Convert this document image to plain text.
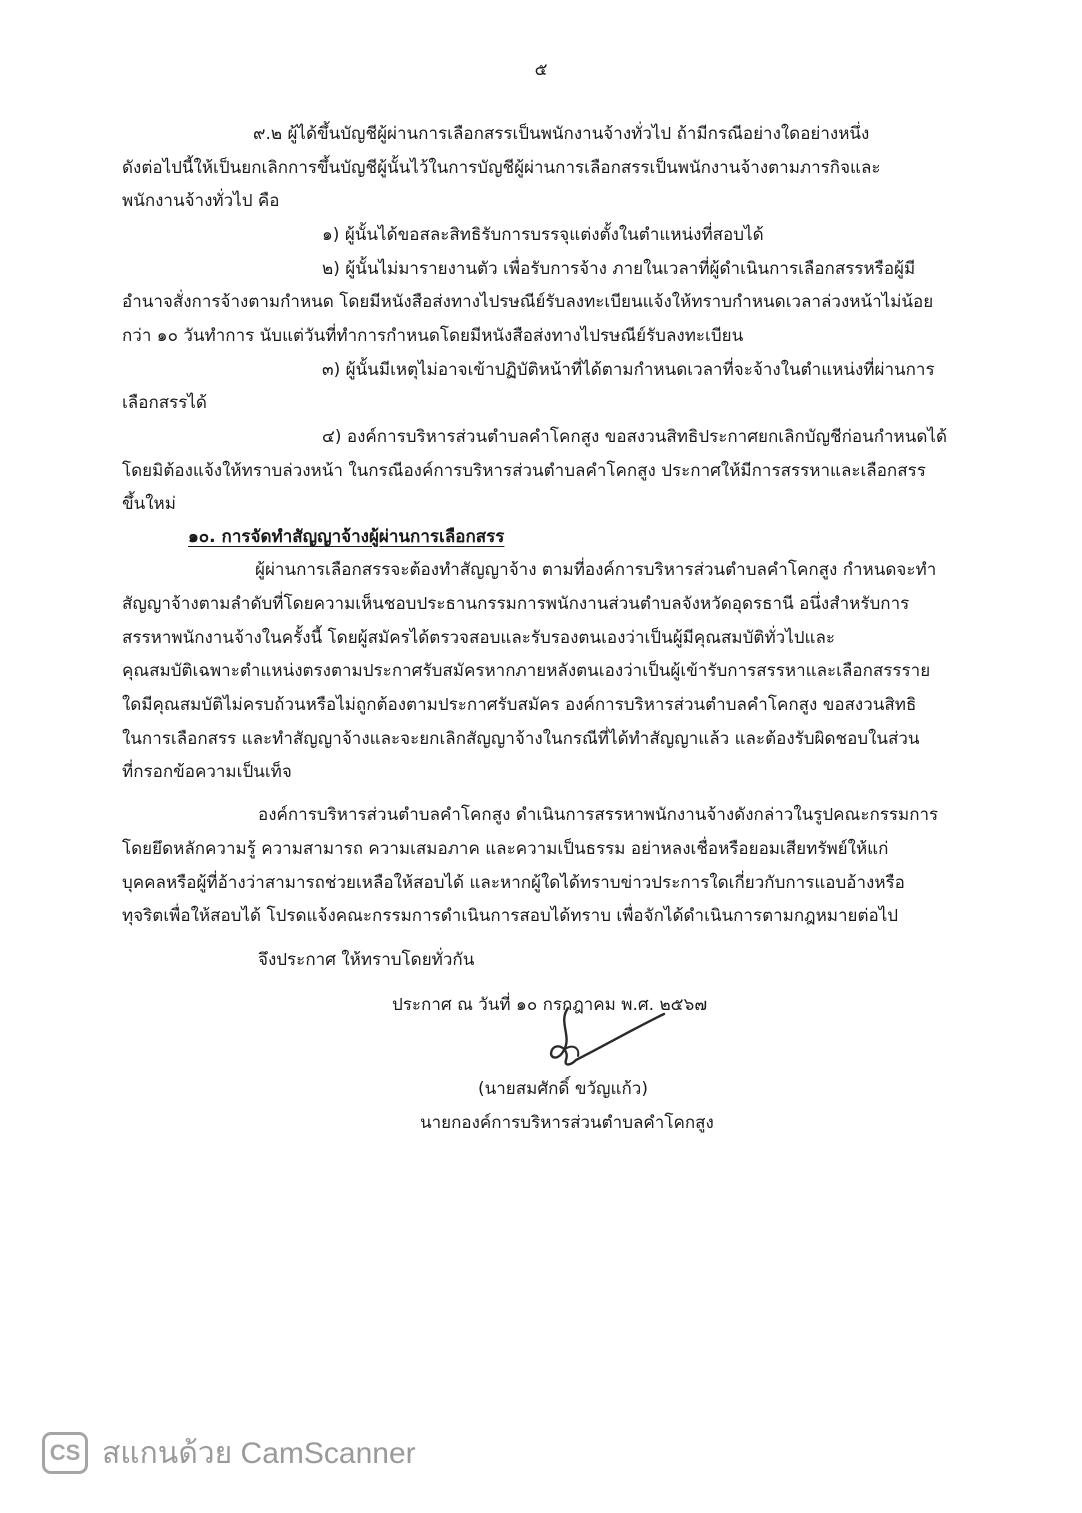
๕
๙.๒ ผู้ได้ขึ้นบัญชีผู้ผ่านการเลือกสรรเป็นพนักงานจ้างทั่วไป ถ้ามีกรณีอย่างใดอย่างหนึ่ง
ดังต่อไปนี้ให้เป็นยกเลิกการขึ้นบัญชีผู้นั้นไว้ในการบัญชีผู้ผ่านการเลือกสรรเป็นพนักงานจ้างตามภารกิจและ
พนักงานจ้างทั่วไป คือ
๑) ผู้นั้นได้ขอสละสิทธิรับการบรรจุแต่งตั้งในตำแหน่งที่สอบได้
๒) ผู้นั้นไม่มารายงานตัว เพื่อรับการจ้าง ภายในเวลาที่ผู้ดำเนินการเลือกสรรหรือผู้มี
อำนาจสั่งการจ้างตามกำหนด โดยมีหนังสือส่งทางไปรษณีย์รับลงทะเบียนแจ้งให้ทราบกำหนดเวลาล่วงหน้าไม่น้อย
กว่า ๑๐ วันทำการ นับแต่วันที่ทำการกำหนดโดยมีหนังสือส่งทางไปรษณีย์รับลงทะเบียน
๓) ผู้นั้นมีเหตุไม่อาจเข้าปฏิบัติหน้าที่ได้ตามกำหนดเวลาที่จะจ้างในตำแหน่งที่ผ่านการ
เลือกสรรได้
๔) องค์การบริหารส่วนตำบลคำโคกสูง ขอสงวนสิทธิประกาศยกเลิกบัญชีก่อนกำหนดได้
โดยมิต้องแจ้งให้ทราบล่วงหน้า ในกรณีองค์การบริหารส่วนตำบลคำโคกสูง ประกาศให้มีการสรรหาและเลือกสรร
ขึ้นใหม่
๑๐. การจัดทำสัญญาจ้างผู้ผ่านการเลือกสรร
ผู้ผ่านการเลือกสรรจะต้องทำสัญญาจ้าง ตามที่องค์การบริหารส่วนตำบลคำโคกสูง กำหนดจะทำ
สัญญาจ้างตามลำดับที่โดยความเห็นชอบประธานกรรมการพนักงานส่วนตำบลจังหวัดอุดรธานี อนึ่งสำหรับการ
สรรหาพนักงานจ้างในครั้งนี้ โดยผู้สมัครได้ตรวจสอบและรับรองตนเองว่าเป็นผู้มีคุณสมบัติทั่วไปและ
คุณสมบัติเฉพาะตำแหน่งตรงตามประกาศรับสมัครหากภายหลังตนเองว่าเป็นผู้เข้ารับการสรรหาและเลือกสรรราย
ใดมีคุณสมบัติไม่ครบถ้วนหรือไม่ถูกต้องตามประกาศรับสมัคร องค์การบริหารส่วนตำบลคำโคกสูง ขอสงวนสิทธิ
ในการเลือกสรร และทำสัญญาจ้างและจะยกเลิกสัญญาจ้างในกรณีที่ได้ทำสัญญาแล้ว และต้องรับผิดชอบในส่วน
ที่กรอกข้อความเป็นเท็จ
องค์การบริหารส่วนตำบลคำโคกสูง ดำเนินการสรรหาพนักงานจ้างดังกล่าวในรูปคณะกรรมการ
โดยยึดหลักความรู้ ความสามารถ ความเสมอภาค และความเป็นธรรม อย่าหลงเชื่อหรือยอมเสียทรัพย์ให้แก่
บุคคลหรือผู้ที่อ้างว่าสามารถช่วยเหลือให้สอบได้ และหากผู้ใดได้ทราบข่าวประการใดเกี่ยวกับการแอบอ้างหรือ
ทุจริตเพื่อให้สอบได้ โปรดแจ้งคณะกรรมการดำเนินการสอบได้ทราบ เพื่อจักได้ดำเนินการตามกฎหมายต่อไป
จึงประกาศ ให้ทราบโดยทั่วกัน
ประกาศ ณ วันที่ ๑๐ กรกฎาคม พ.ศ. ๒๕๖๗
(นายสมศักดิ์ ขวัญแก้ว)
นายกองค์การบริหารส่วนตำบลคำโคกสูง
CS สแกนด้วย CamScanner
